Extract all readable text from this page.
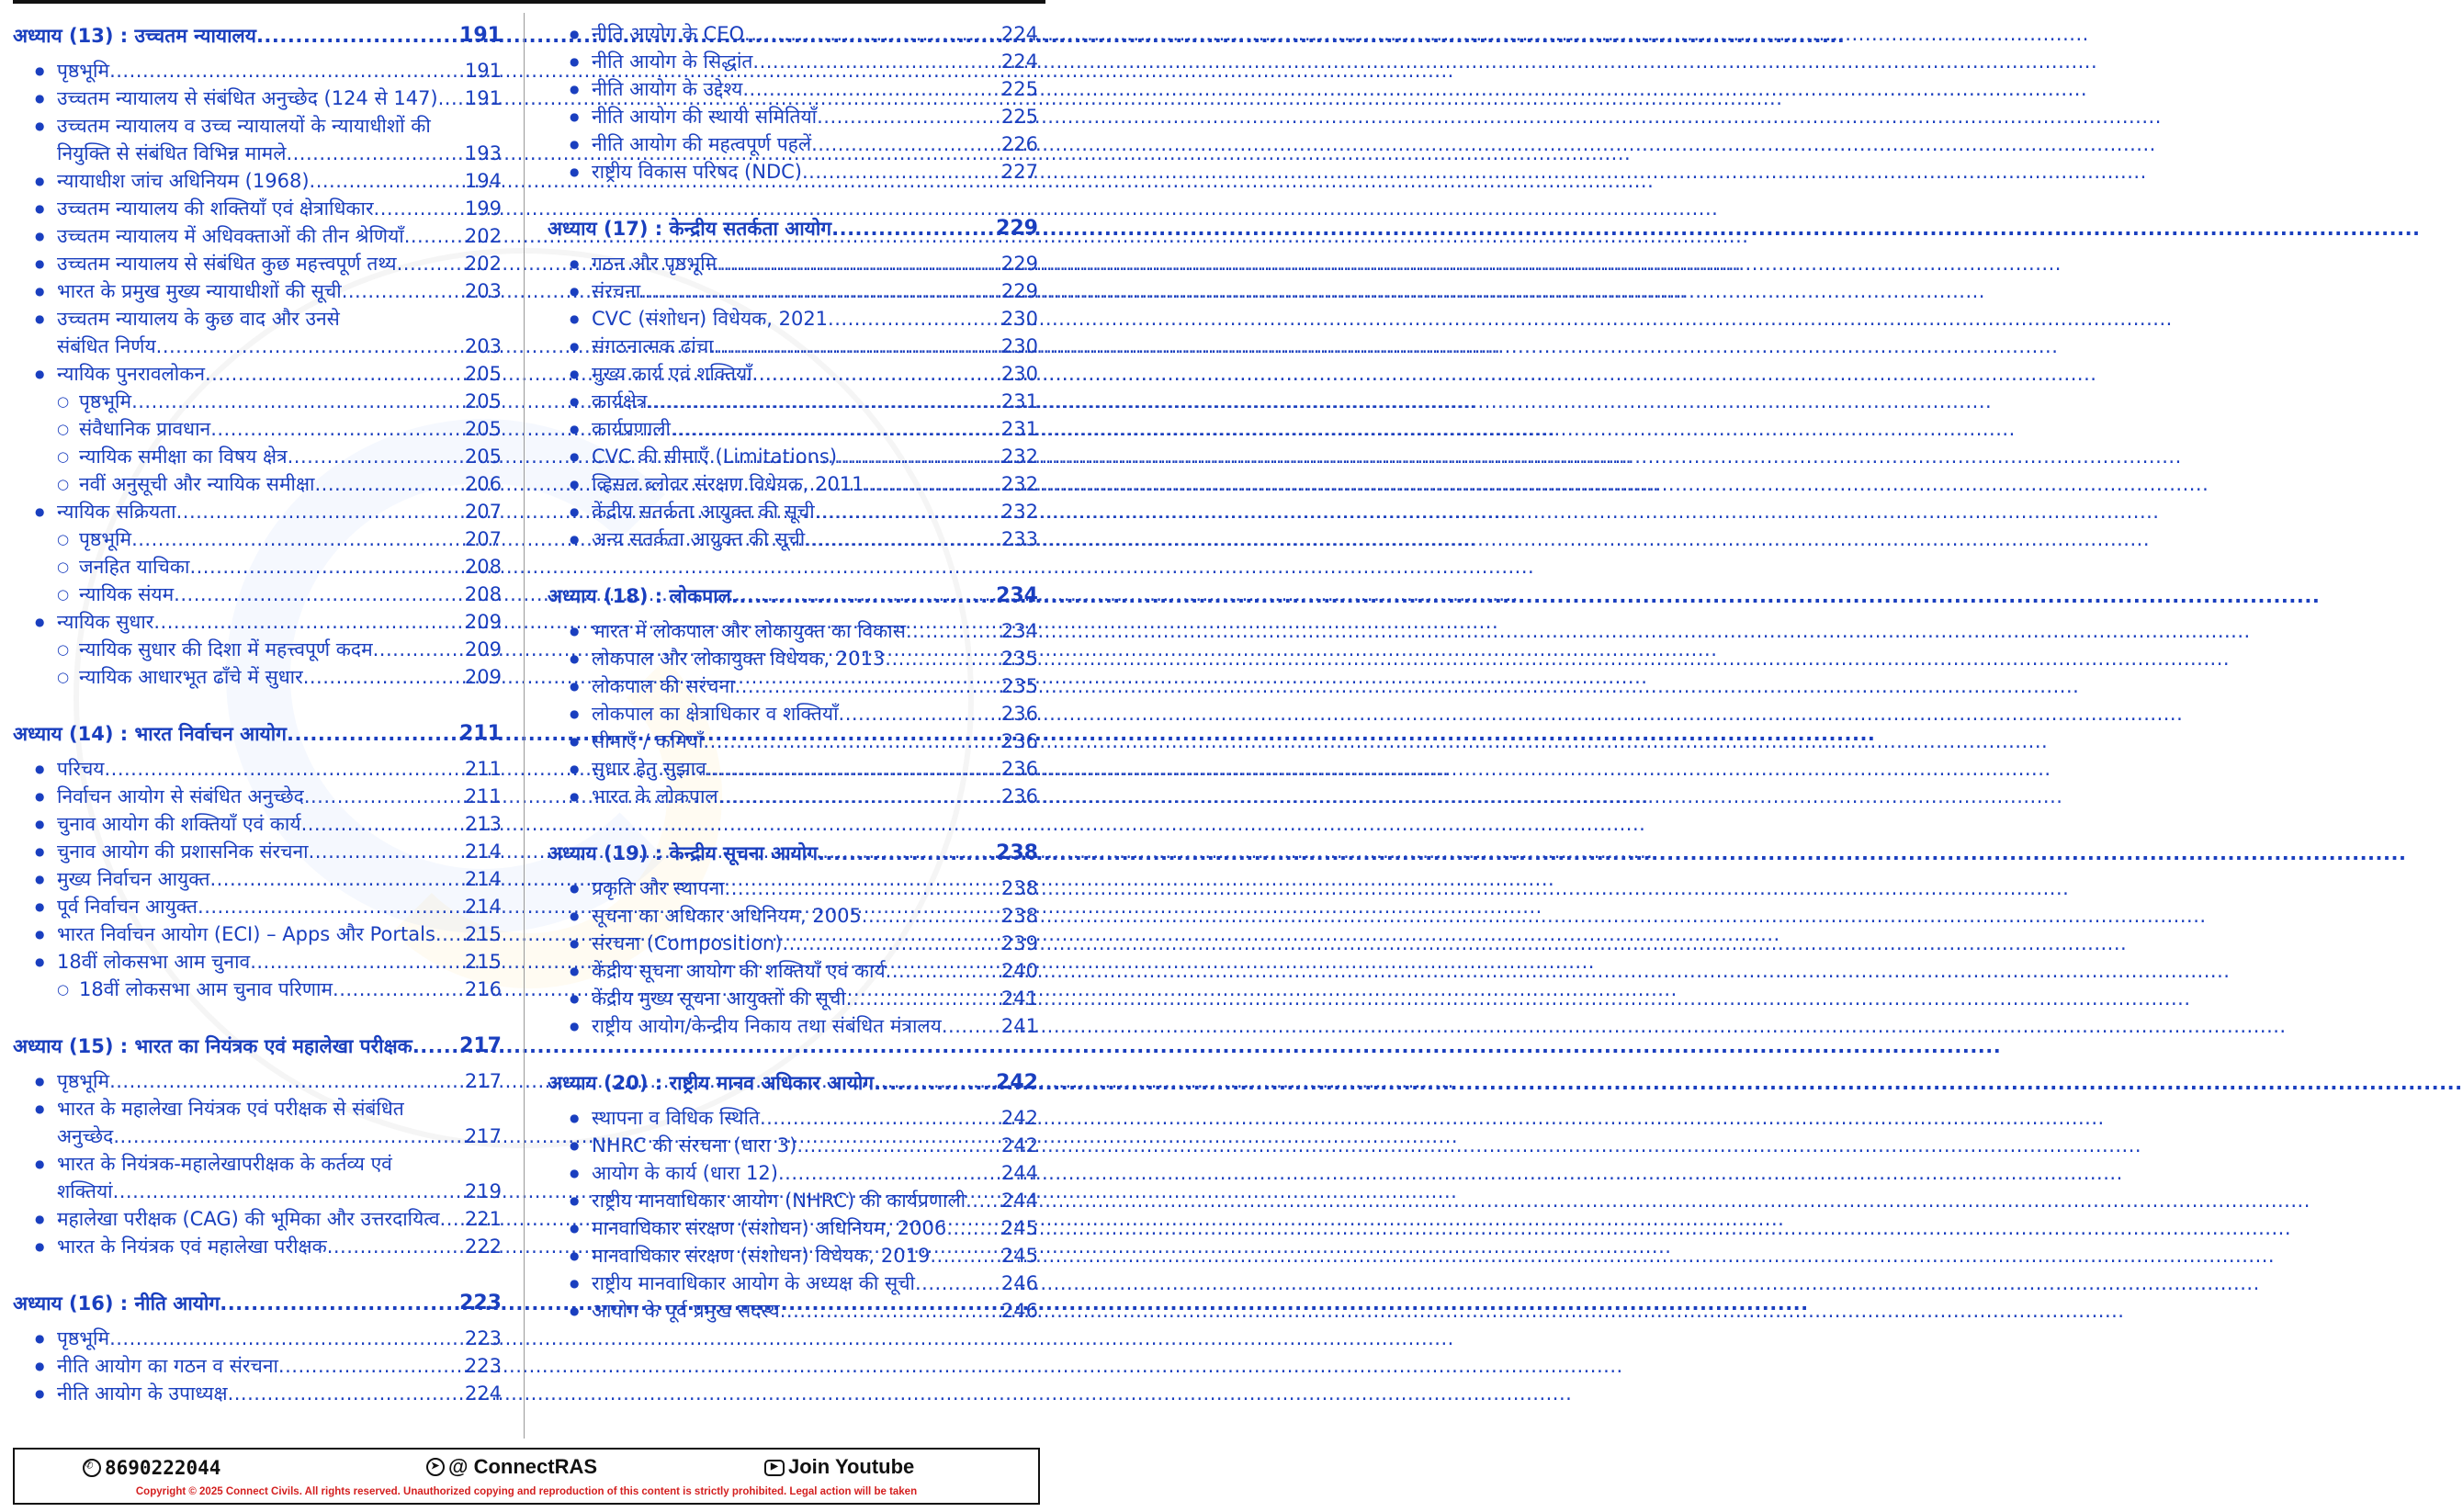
अध्याय (13) : उच्चतम न्यायालय .....	191
● पृष्ठभूमि .....	191
● उच्चतम न्यायालय से संबंधित अनुच्छेद (124 से 147) ..... 191
● उच्चतम न्यायालय व उच्च न्यायालयों के न्यायाधीशों की
नियुक्ति से संबंधित विभिन्न मामले .....	193
● न्यायाधीश जांच अधिनियम (1968) .....	194
● उच्चतम न्यायालय की शक्तियाँ एवं क्षेत्राधिकार .....	199
● उच्चतम न्यायालय में अधिवक्ताओं की तीन श्रेणियाँ .....	202
● उच्चतम न्यायालय से संबंधित कुछ महत्त्वपूर्ण तथ्य .....	202
● भारत के प्रमुख मुख्य न्यायाधीशों की सूची .....	203
● उच्चतम न्यायालय के कुछ वाद और उनसे
संबंधित निर्णय .....	203
● न्यायिक पुनरावलोकन .....	205
○ पृष्ठभूमि .....	205
○ संवैधानिक प्रावधान .....	205
○ न्यायिक समीक्षा का विषय क्षेत्र .....	205
○ नवीं अनुसूची और न्यायिक समीक्षा .....	206
● न्यायिक सक्रियता .....	207
○ पृष्ठभूमि .....	207
○ जनहित याचिका .....	208
○ न्यायिक संयम .....	208
● न्यायिक सुधार .....	209
○ न्यायिक सुधार की दिशा में महत्त्वपूर्ण कदम .....	209
○ न्यायिक आधारभूत ढाँचे में सुधार .....	209
अध्याय (14) : भारत निर्वाचन आयोग .....	211
● परिचय .....	211
● निर्वाचन आयोग से संबंधित अनुच्छेद .....	211
● चुनाव आयोग की शक्तियाँ एवं कार्य .....	213
● चुनाव आयोग की प्रशासनिक संरचना .....	214
● मुख्य निर्वाचन आयुक्त .....	214
● पूर्व निर्वाचन आयुक्त .....	214
● भारत निर्वाचन आयोग (ECI) – Apps और Portals ..... 215
● 18वीं लोकसभा आम चुनाव .....	215
○ 18वीं लोकसभा आम चुनाव परिणाम .....	216
अध्याय (15) : भारत का नियंत्रक एवं महालेखा परीक्षक ..... 217
● पृष्ठभूमि .....	217
● भारत के महालेखा नियंत्रक एवं परीक्षक से संबंधित
अनुच्छेद .....	217
● भारत के नियंत्रक-महालेखापरीक्षक के कर्तव्य एवं
शक्तियां .....	219
● महालेखा परीक्षक (CAG) की भूमिका और उत्तरदायित्व ..... 221
● भारत के नियंत्रक एवं महालेखा परीक्षक .....	222
अध्याय (16) : नीति आयोग .....	223
● पृष्ठभूमि .....	223
● नीति आयोग का गठन व संरचना .....	223
● नीति आयोग के उपाध्यक्ष .....	224
● नीति आयोग के CEO .....	224
● नीति आयोग के सिद्धांत .....	224
● नीति आयोग के उद्देश्य .....	225
● नीति आयोग की स्थायी समितियाँ .....	225
● नीति आयोग की महत्वपूर्ण पहलें .....	226
● राष्ट्रीय विकास परिषद (NDC) .....	227
अध्याय (17) : केन्द्रीय सतर्कता आयोग .....	229
● गठन और पृष्ठभूमि .....	229
● संरचना .....	229
● CVC (संशोधन) विधेयक, 2021 .....	230
● संगठनात्मक ढांचा .....	230
● मुख्य कार्य एवं शक्तियाँ .....	230
● कार्यक्षेत्र .....	231
● कार्यप्रणाली .....	231
● CVC की सीमाएँ (Limitations) .....	232
● व्हिसल ब्लोवर संरक्षण विधेयक, 2011 .....	232
● केंद्रीय सतर्कता आयुक्त की सूची .....	232
● अन्य सतर्कता आयुक्त की सूची .....	233
अध्याय (18) : लोकपाल .....	234
● भारत में लोकपाल और लोकायुक्त का विकास .....	234
● लोकपाल और लोकायुक्त विधेयक, 2013 .....	235
● लोकपाल की सरंचना .....	235
● लोकपाल का क्षेत्राधिकार व शक्तियाँ .....	236
● सीमाएँ / कमियाँ .....	236
● सुधार हेतु सुझाव .....	236
● भारत के लोकपाल .....	236
अध्याय (19) : केन्द्रीय सूचना आयोग .....	238
● प्रकृति और स्थापना .....	238
● सूचना का अधिकार अधिनियम, 2005 .....	238
● संरचना (Composition) .....	239
● केंद्रीय सूचना आयोग की शक्तियाँ एवं कार्य .....	240
● केंद्रीय मुख्य सूचना आयुक्तों की सूची .....	241
● राष्ट्रीय आयोग/केन्द्रीय निकाय तथा संबंधित मंत्रालय .....	241
अध्याय (20) : राष्ट्रीय मानव अधिकार आयोग .....	242
● स्थापना व विधिक स्थिति .....	242
● NHRC की संरचना (धारा 3) .....	242
● आयोग के कार्य (धारा 12) .....	244
● राष्ट्रीय मानवाधिकार आयोग (NHRC) की कार्यप्रणाली ..... 244
● मानवाधिकार संरक्षण (संशोधन) अधिनियम, 2006 .....	245
● मानवाधिकार संरक्षण (संशोधन) विधेयक, 2019 .....	245
● राष्ट्रीय मानवाधिकार आयोग के अध्यक्ष की सूची .....	246
● आयोग के पूर्व प्रमुख सदस्य .....	246
✆8690222044 ➤	@ ConnectRAS ▶	Join Youtube
Copyright © 2025 Connect Civils. All rights reserved. Unauthorized copying and reproduction of this content is strictly prohibited. Legal action will be taken
